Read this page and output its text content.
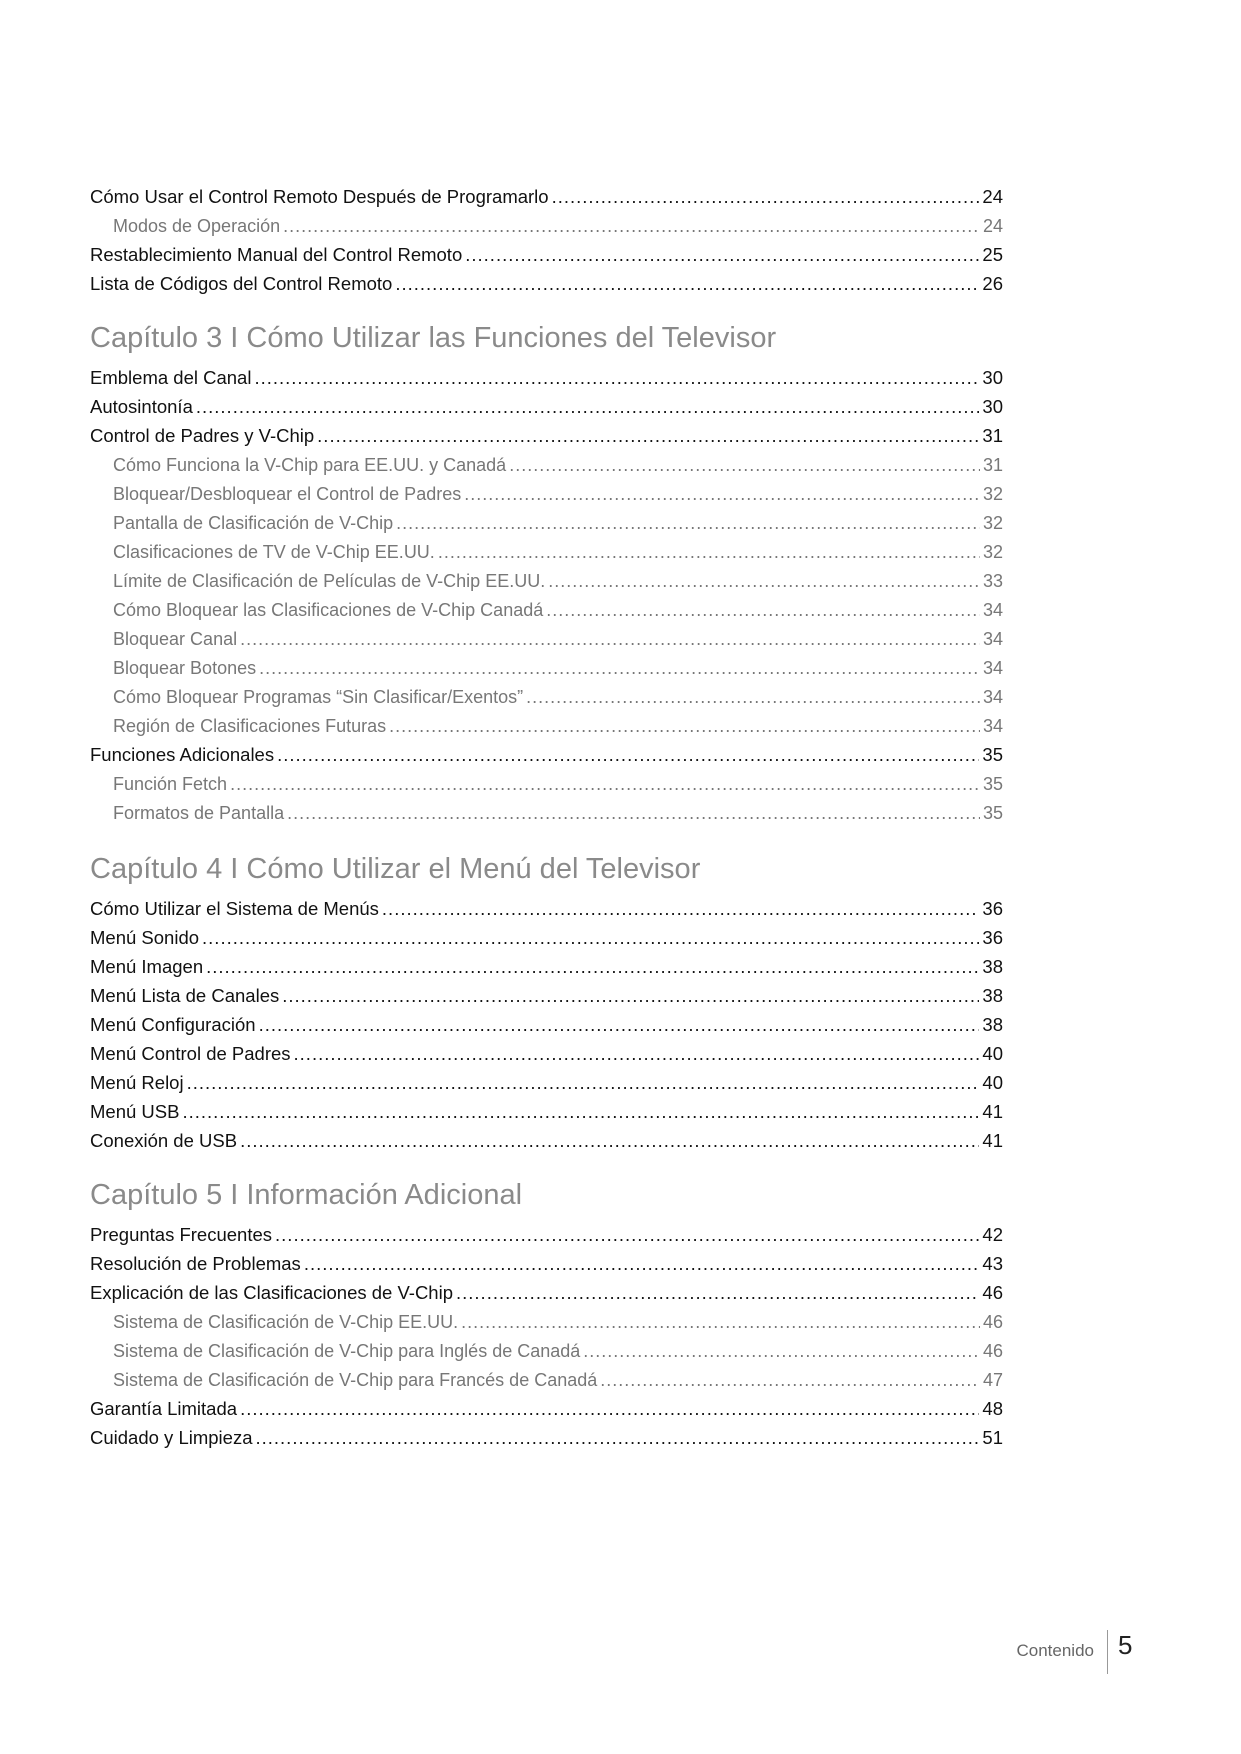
Cómo Usar el Control Remoto Después de Programarlo .....	24
Modos de Operación .....	24
Restablecimiento Manual del Control Remoto .....	25
Lista de Códigos del Control Remoto .....	26
Capítulo 3 I Cómo Utilizar las Funciones del Televisor
Emblema del Canal .....	30
Autosintonía .....	30
Control de Padres y V-Chip .....	31
Cómo Funciona la V-Chip para EE.UU. y Canadá .....	31
Bloquear/Desbloquear el Control de Padres .....	32
Pantalla de Clasificación de V-Chip .....	32
Clasificaciones de TV de V-Chip EE.UU. .....	32
Límite de Clasificación de Películas de V-Chip EE.UU. .....	33
Cómo Bloquear las Clasificaciones de V-Chip Canadá .....	34
Bloquear Canal .....	34
Bloquear Botones .....	34
Cómo Bloquear Programas “Sin Clasificar/Exentos” .....	34
Región de Clasificaciones Futuras .....	34
Funciones Adicionales .....	35
Función Fetch .....	35
Formatos de Pantalla .....	35
Capítulo 4 I Cómo Utilizar el Menú del Televisor
Cómo Utilizar el Sistema de Menús .....	36
Menú Sonido .....	36
Menú Imagen .....	38
Menú Lista de Canales .....	38
Menú Configuración .....	38
Menú Control de Padres .....	40
Menú Reloj .....	40
Menú USB .....	41
Conexión de USB .....	41
Capítulo 5 I Información Adicional
Preguntas Frecuentes .....	42
Resolución de Problemas .....	43
Explicación de las Clasificaciones de V-Chip .....	46
Sistema de Clasificación de V-Chip EE.UU. .....	46
Sistema de Clasificación de V-Chip para Inglés de Canadá .....	46
Sistema de Clasificación de V-Chip para Francés de Canadá .....	47
Garantía Limitada .....	48
Cuidado y Limpieza .....	51
Contenido 5
